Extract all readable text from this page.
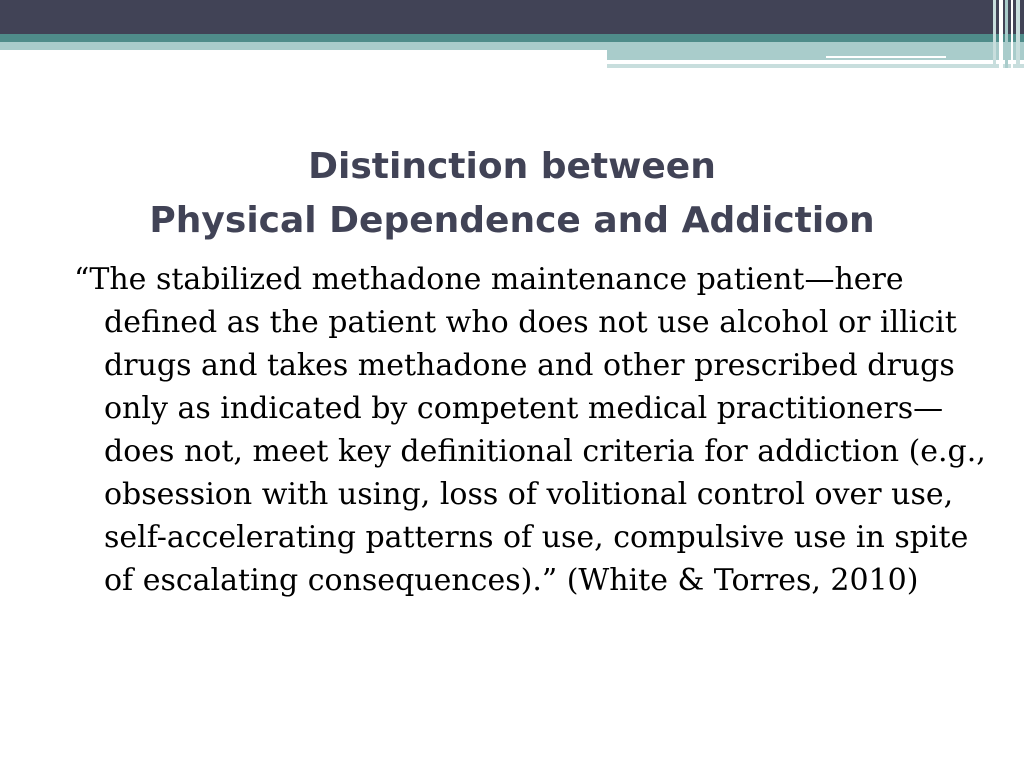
Distinction between
Physical Dependence and Addiction

“The stabilized methadone maintenance patient—here defined as the patient who does not use alcohol or illicit drugs and takes methadone and other prescribed drugs only as indicated by competent medical practitioners—does not, meet key definitional criteria for addiction (e.g., obsession with using, loss of volitional control over use, self-accelerating patterns of use, compulsive use in spite of escalating consequences).” (White & Torres, 2010)
